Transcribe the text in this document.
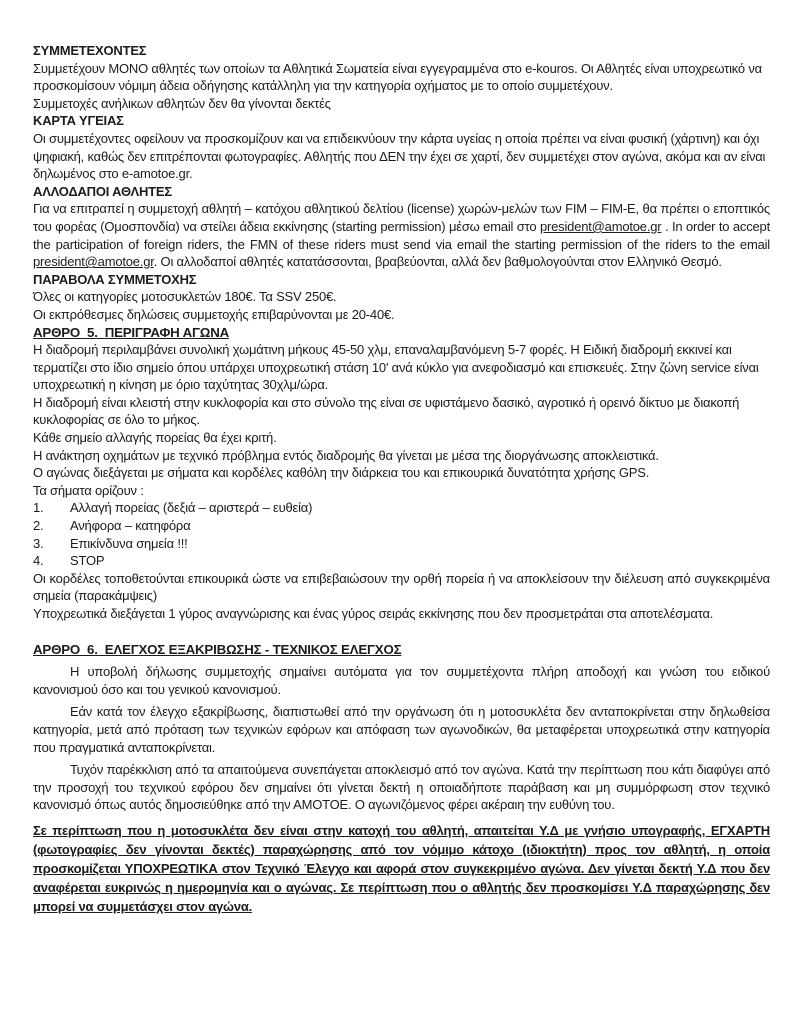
ΣΥΜΜΕΤΕΧΟΝΤΕΣ

Συμμετέχουν ΜΟΝΟ αθλητές των οποίων τα Αθλητικά Σωματεία είναι εγγεγραμμένα στο e-kouros. Οι Αθλητές είναι υποχρεωτικό να προσκομίσουν νόμιμη άδεια οδήγησης κατάλληλη για την κατηγορία οχήματος με το οποίο συμμετέχουν.

Συμμετοχές ανήλικων αθλητών δεν θα γίνονται δεκτές

ΚΑΡΤΑ ΥΓΕΙΑΣ

Οι συμμετέχοντες οφείλουν να προσκομίζουν και να επιδεικνύουν την κάρτα υγείας η οποία πρέπει να είναι φυσική (χάρτινη) και όχι ψηφιακή, καθώς δεν επιτρέπονται φωτογραφίες. Αθλητής που ΔΕΝ την έχει σε χαρτί, δεν συμμετέχει στον αγώνα, ακόμα και αν είναι δηλωμένος στο e-amotoe.gr.

ΑΛΛΟΔΑΠΟΙ ΑΘΛΗΤΕΣ

Για να επιτραπεί η συμμετοχή αθλητή – κατόχου αθλητικού δελτίου (license) χωρών-μελών των FIM – FIM-E, θα πρέπει ο εποπτικός του φορέας (Ομοσπονδία) να στείλει άδεια εκκίνησης (starting permission) μέσω email στο president@amotoe.gr . In order to accept the participation of foreign riders, the FMN of these riders must send via email the starting permission of the riders to the email president@amotoe.gr. Οι αλλοδαποί αθλητές κατατάσσονται, βραβεύονται, αλλά δεν βαθμολογούνται στον Ελληνικό Θεσμό.

ΠΑΡΑΒΟΛΑ ΣΥΜΜΕΤΟΧΗΣ

Όλες οι κατηγορίες μοτοσυκλετών 180€. Τα SSV 250€.

Οι εκπρόθεσμες δηλώσεις συμμετοχής επιβαρύνονται με 20-40€.

ΑΡΘΡΟ  5.  ΠΕΡΙΓΡΑΦΗ ΑΓΩΝΑ

Η διαδρομή περιλαμβάνει συνολική χωμάτινη μήκους 45-50 χλμ, επαναλαμβανόμενη 5-7 φορές. Η Ειδική διαδρομή εκκινεί και τερματίζει στο ίδιο σημείο όπου υπάρχει υποχρεωτική στάση 10' ανά κύκλο για ανεφοδιασμό και επισκευές. Στην ζώνη service είναι υποχρεωτική η κίνηση με όριο ταχύτητας 30χλμ/ώρα.

Η διαδρομή είναι κλειστή στην κυκλοφορία και στο σύνολο της είναι σε υφιστάμενο δασικό, αγροτικό ή ορεινό δίκτυο με διακοπή κυκλοφορίας σε όλο το μήκος.

Κάθε σημείο αλλαγής πορείας θα έχει κριτή.

Η ανάκτηση οχημάτων με τεχνικό πρόβλημα εντός διαδρομής θα γίνεται με μέσα της διοργάνωσης αποκλειστικά.

Ο αγώνας διεξάγεται με σήματα και κορδέλες καθόλη την διάρκεια του και επικουρικά δυνατότητα χρήσης GPS.

Τα σήματα ορίζουν :

1.	Αλλαγή πορείας (δεξιά – αριστερά – ευθεία)
2.	Ανήφορα – κατηφόρα
3.	Επικίνδυνα σημεία !!!
4.	STOP

Οι κορδέλες τοποθετούνται επικουρικά ώστε να επιβεβαιώσουν την ορθή πορεία ή να αποκλείσουν την διέλευση από συγκεκριμένα σημεία (παρακάμψεις)

Υποχρεωτικά διεξάγεται 1 γύρος αναγνώρισης και ένας γύρος σειράς εκκίνησης που δεν προσμετράται στα αποτελέσματα.

ΑΡΘΡΟ  6.  ΕΛΕΓΧΟΣ ΕΞΑΚΡΙΒΩΣΗΣ - ΤΕΧΝΙΚΟΣ ΕΛΕΓΧΟΣ

Η υποβολή δήλωσης συμμετοχής σημαίνει αυτόματα για τον συμμετέχοντα πλήρη αποδοχή και γνώση του ειδικού κανονισμού όσο και του γενικού κανονισμού.

Εάν κατά τον έλεγχο εξακρίβωσης, διαπιστωθεί από την οργάνωση ότι η μοτοσυκλέτα δεν ανταποκρίνεται στην δηλωθείσα κατηγορία, μετά από πρόταση των τεχνικών εφόρων και απόφαση των αγωνοδικών, θα μεταφέρεται υποχρεωτικά στην κατηγορία που πραγματικά ανταποκρίνεται.

Τυχόν παρέκκλιση από τα απαιτούμενα συνεπάγεται αποκλεισμό από τον αγώνα. Κατά την περίπτωση που κάτι διαφύγει από την προσοχή του τεχνικού εφόρου δεν σημαίνει ότι γίνεται δεκτή η οποιαδήποτε παράβαση και μη συμμόρφωση στον τεχνικό κανονισμό όπως αυτός δημοσιεύθηκε από την ΑΜΟΤΟΕ. Ο αγωνιζόμενος φέρει ακέραιη την ευθύνη του.

Σε περίπτωση που η μοτοσυκλέτα δεν είναι στην κατοχή του αθλητή, απαιτείται Υ.Δ με γνήσιο υπογραφής, ΕΓΧΑΡΤΗ (φωτογραφίες δεν γίνονται δεκτές) παραχώρησης από τον νόμιμο κάτοχο (ιδιοκτήτη) προς τον αθλητή, η οποία προσκομίζεται ΥΠΟΧΡΕΩΤΙΚΑ στον Τεχνικό Έλεγχο και αφορά στον συγκεκριμένο αγώνα. Δεν γίνεται δεκτή Υ.Δ που δεν αναφέρεται ευκρινώς η ημερομηνία και ο αγώνας. Σε περίπτωση που ο αθλητής δεν προσκομίσει Υ.Δ παραχώρησης δεν μπορεί να συμμετάσχει στον αγώνα.
